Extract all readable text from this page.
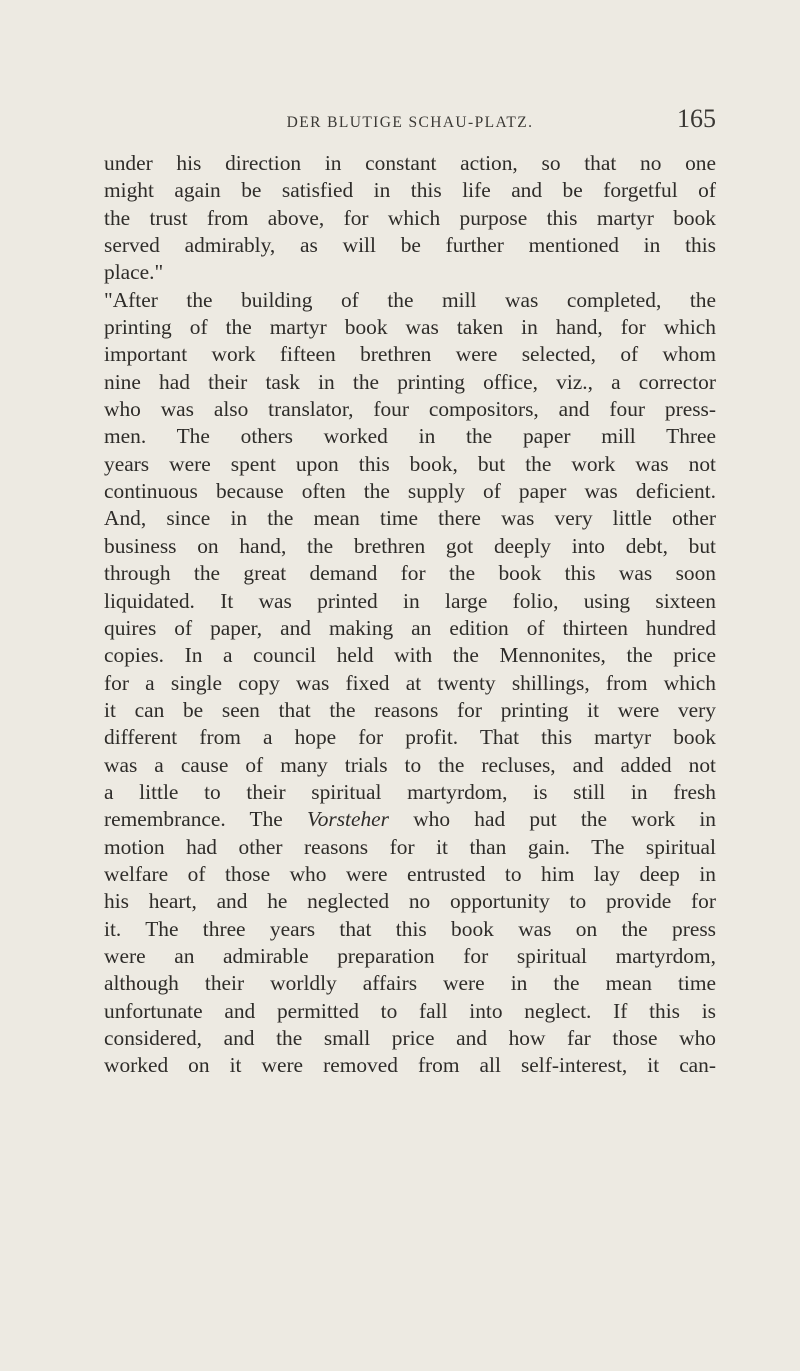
DER BLUTIGE SCHAU-PLATZ.	165
under his direction in constant action, so that no one
might again be satisfied in this life and be forgetful of
the trust from above, for which purpose this martyr book
served admirably, as will be further mentioned in this
place."
"After the building of the mill was completed, the
printing of the martyr book was taken in hand, for which
important work fifteen brethren were selected, of whom
nine had their task in the printing office, viz., a corrector
who was also translator, four compositors, and four press-
men. The others worked in the paper mill Three
years were spent upon this book, but the work was not
continuous because often the supply of paper was deficient.
And, since in the mean time there was very little other
business on hand, the brethren got deeply into debt, but
through the great demand for the book this was soon
liquidated. It was printed in large folio, using sixteen
quires of paper, and making an edition of thirteen hundred
copies. In a council held with the Mennonites, the price
for a single copy was fixed at twenty shillings, from which
it can be seen that the reasons for printing it were very
different from a hope for profit. That this martyr book
was a cause of many trials to the recluses, and added not
a little to their spiritual martyrdom, is still in fresh
remembrance. The Vorsteher who had put the work in
motion had other reasons for it than gain. The spiritual
welfare of those who were entrusted to him lay deep in
his heart, and he neglected no opportunity to provide for
it. The three years that this book was on the press
were an admirable preparation for spiritual martyrdom,
although their worldly affairs were in the mean time
unfortunate and permitted to fall into neglect. If this is
considered, and the small price and how far those who
worked on it were removed from all self-interest, it can-
